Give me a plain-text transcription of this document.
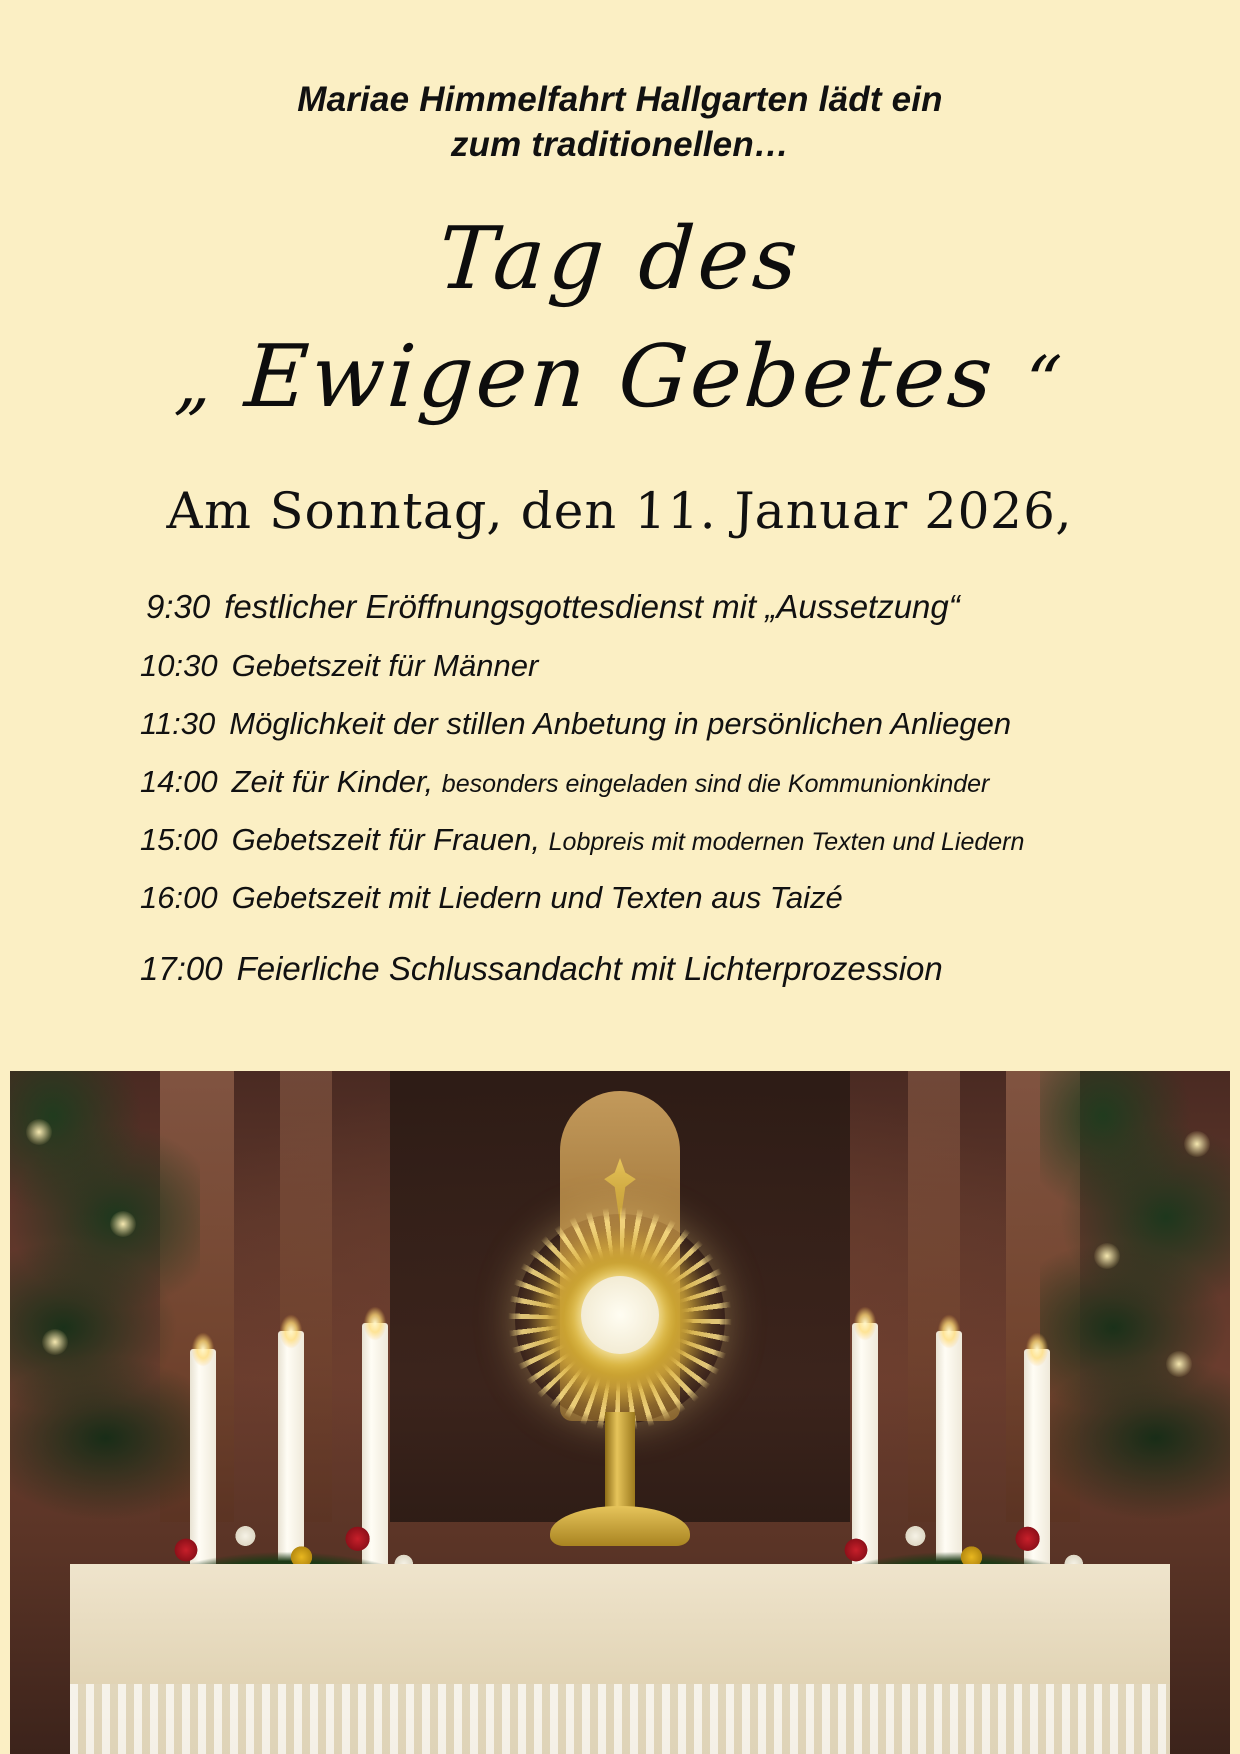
Mariae Himmelfahrt Hallgarten lädt ein
zum traditionellen…
Tag des
„ Ewigen Gebetes “
Am Sonntag, den 11. Januar 2026,
9:30 festlicher Eröffnungsgottesdienst mit „Aussetzung“
10:30 Gebetszeit für Männer
11:30 Möglichkeit der stillen Anbetung in persönlichen Anliegen
14:00 Zeit für Kinder, besonders eingeladen sind die Kommunionkinder
15:00 Gebetszeit für Frauen, Lobpreis mit modernen Texten und Liedern
16:00 Gebetszeit mit Liedern und Texten aus Taizé
17:00 Feierliche Schlussandacht mit Lichterprozession
